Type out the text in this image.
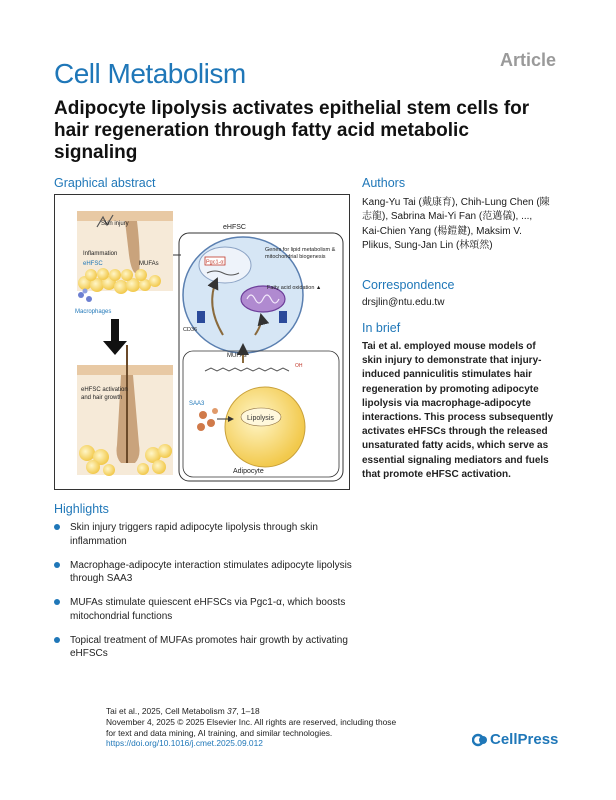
Article
Cell Metabolism
Adipocyte lipolysis activates epithelial stem cells for hair regeneration through fatty acid metabolic signaling
Graphical abstract
Skin injury
Inflammation
eHFSC	MUFAs
Macrophages
eHFSC activation
and hair growth
eHFSC
Pgc1-α
Genes for lipid metabolism &
mitochondrial biogenesis
Fatty acid oxidation ▲
CD36
MUFAs
OH
Lipolysis
SAA3
Adipocyte
Authors
Kang-Yu Tai (戴康育), Chih-Lung Chen (陳志龍), Sabrina Mai-Yi Fan (范邁儀), ..., Kai-Chien Yang (楊鎧鍵), Maksim V. Plikus, Sung-Jan Lin (林頌然)
Correspondence
drsjlin@ntu.edu.tw
In brief
Tai et al. employed mouse models of skin injury to demonstrate that injury-induced panniculitis stimulates hair regeneration by promoting adipocyte lipolysis via macrophage-adipocyte interactions. This process subsequently activates eHFSCs through the released unsaturated fatty acids, which serve as essential signaling mediators and fuels that promote eHFSC activation.
Highlights
Skin injury triggers rapid adipocyte lipolysis through skin inflammation
Macrophage-adipocyte interaction stimulates adipocyte lipolysis through SAA3
MUFAs stimulate quiescent eHFSCs via Pgc1-α, which boosts mitochondrial functions
Topical treatment of MUFAs promotes hair growth by activating eHFSCs
Tai et al., 2025, Cell Metabolism 37, 1–18
November 4, 2025 © 2025 Elsevier Inc. All rights are reserved, including those
for text and data mining, AI training, and similar technologies.
https://doi.org/10.1016/j.cmet.2025.09.012	CellPress
